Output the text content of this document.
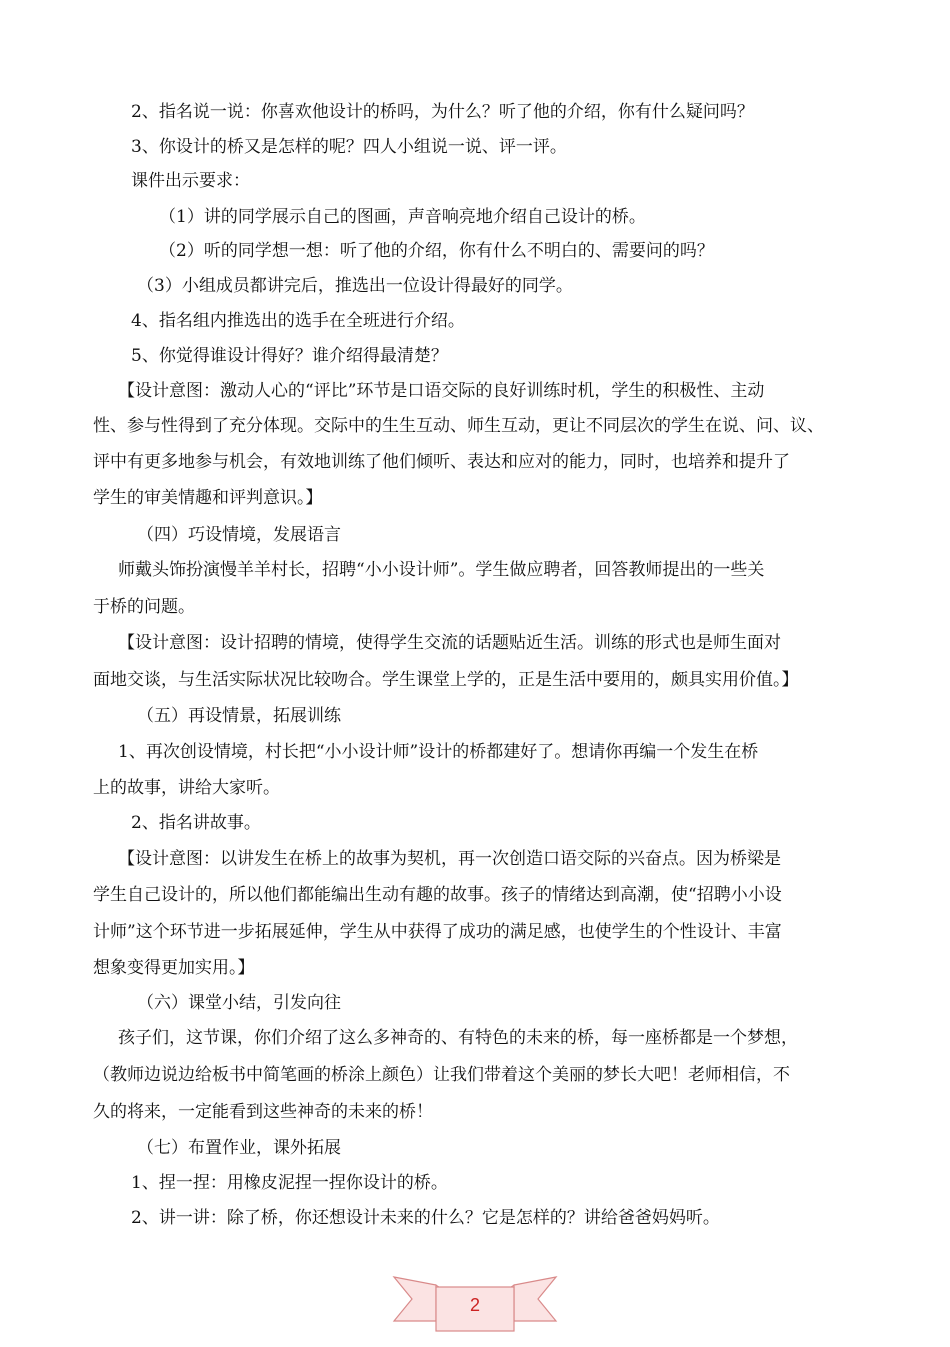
2、指名说一说：你喜欢他设计的桥吗，为什么？听了他的介绍，你有什么疑问吗？
3、你设计的桥又是怎样的呢？四人小组说一说、评一评。
课件出示要求：
（1）讲的同学展示自己的图画，声音响亮地介绍自己设计的桥。
（2）听的同学想一想：听了他的介绍，你有什么不明白的、需要问的吗？
（3）小组成员都讲完后，推选出一位设计得最好的同学。
4、指名组内推选出的选手在全班进行介绍。
5、你觉得谁设计得好？谁介绍得最清楚？
【设计意图：激动人心的“评比”环节是口语交际的良好训练时机，学生的积极性、主动
性、参与性得到了充分体现。交际中的生生互动、师生互动，更让不同层次的学生在说、问、议、
评中有更多地参与机会，有效地训练了他们倾听、表达和应对的能力，同时，也培养和提升了
学生的审美情趣和评判意识。】
（四）巧设情境，发展语言
师戴头饰扮演慢羊羊村长，招聘“小小设计师”。学生做应聘者，回答教师提出的一些关
于桥的问题。
【设计意图：设计招聘的情境，使得学生交流的话题贴近生活。训练的形式也是师生面对
面地交谈，与生活实际状况比较吻合。学生课堂上学的，正是生活中要用的，颇具实用价值。】
（五）再设情景，拓展训练
1、再次创设情境，村长把“小小设计师”设计的桥都建好了。想请你再编一个发生在桥
上的故事，讲给大家听。
2、指名讲故事。
【设计意图：以讲发生在桥上的故事为契机，再一次创造口语交际的兴奋点。因为桥梁是
学生自己设计的，所以他们都能编出生动有趣的故事。孩子的情绪达到高潮，使“招聘小小设
计师”这个环节进一步拓展延伸，学生从中获得了成功的满足感，也使学生的个性设计、丰富
想象变得更加实用。】
（六）课堂小结，引发向往
孩子们，这节课，你们介绍了这么多神奇的、有特色的未来的桥，每一座桥都是一个梦想，
（教师边说边给板书中简笔画的桥涂上颜色）让我们带着这个美丽的梦长大吧！老师相信，不
久的将来，一定能看到这些神奇的未来的桥！
（七）布置作业，课外拓展
1、捏一捏：用橡皮泥捏一捏你设计的桥。
2、讲一讲：除了桥，你还想设计未来的什么？它是怎样的？讲给爸爸妈妈听。
2
